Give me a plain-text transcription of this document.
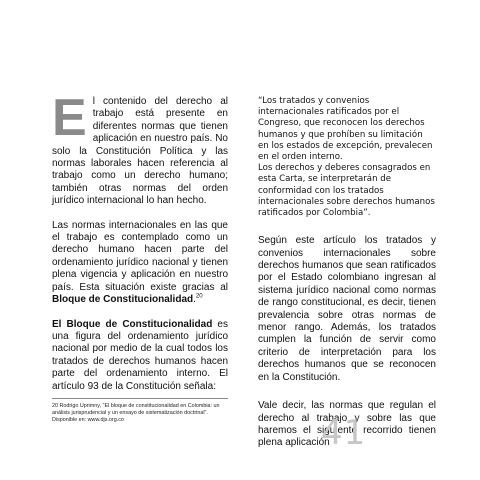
El contenido del derecho al trabajo está presente en diferentes normas que tienen aplicación en nuestro país. No solo la Constitución Política y las normas laborales hacen referencia al trabajo como un derecho humano; también otras normas del orden jurídico internacional lo han hecho.

Las normas internacionales en las que el trabajo es contemplado como un derecho humano hacen parte del ordenamiento jurídico nacional y tienen plena vigencia y aplicación en nuestro país. Esta situación existe gracias al Bloque de Constitucionalidad.$^{20}$

El Bloque de Constitucionalidad es una figura del ordenamiento jurídico nacional por medio de la cual todos los tratados de derechos humanos hacen parte del ordenamiento interno. El artículo 93 de la Constitución señala:

20 Rodrigo Uprimny, "El bloque de constitucionalidad en Colombia: un análisis jurisprudencial y un ensayo de sistematización doctrinal". Disponible en: www.djs.org.co

“Los tratados y convenios internacionales ratificados por el Congreso, que reconocen los derechos humanos y que prohíben su limitación en los estados de excepción, prevalecen en el orden interno.

Los derechos y deberes consagrados en esta Carta, se interpretarán de conformidad con los tratados internacionales sobre derechos humanos ratificados por Colombia”.

Según este artículo los tratados y convenios internacionales sobre derechos humanos que sean ratificados por el Estado colombiano ingresan al sistema jurídico nacional como normas de rango constitucional, es decir, tienen prevalencia sobre otras normas de menor rango. Además, los tratados cumplen la función de servir como criterio de interpretación para los derechos humanos que se reconocen en la Constitución.

Vale decir, las normas que regulan el derecho al trabajo y sobre las que haremos el siguiente recorrido tienen plena aplicación

41
